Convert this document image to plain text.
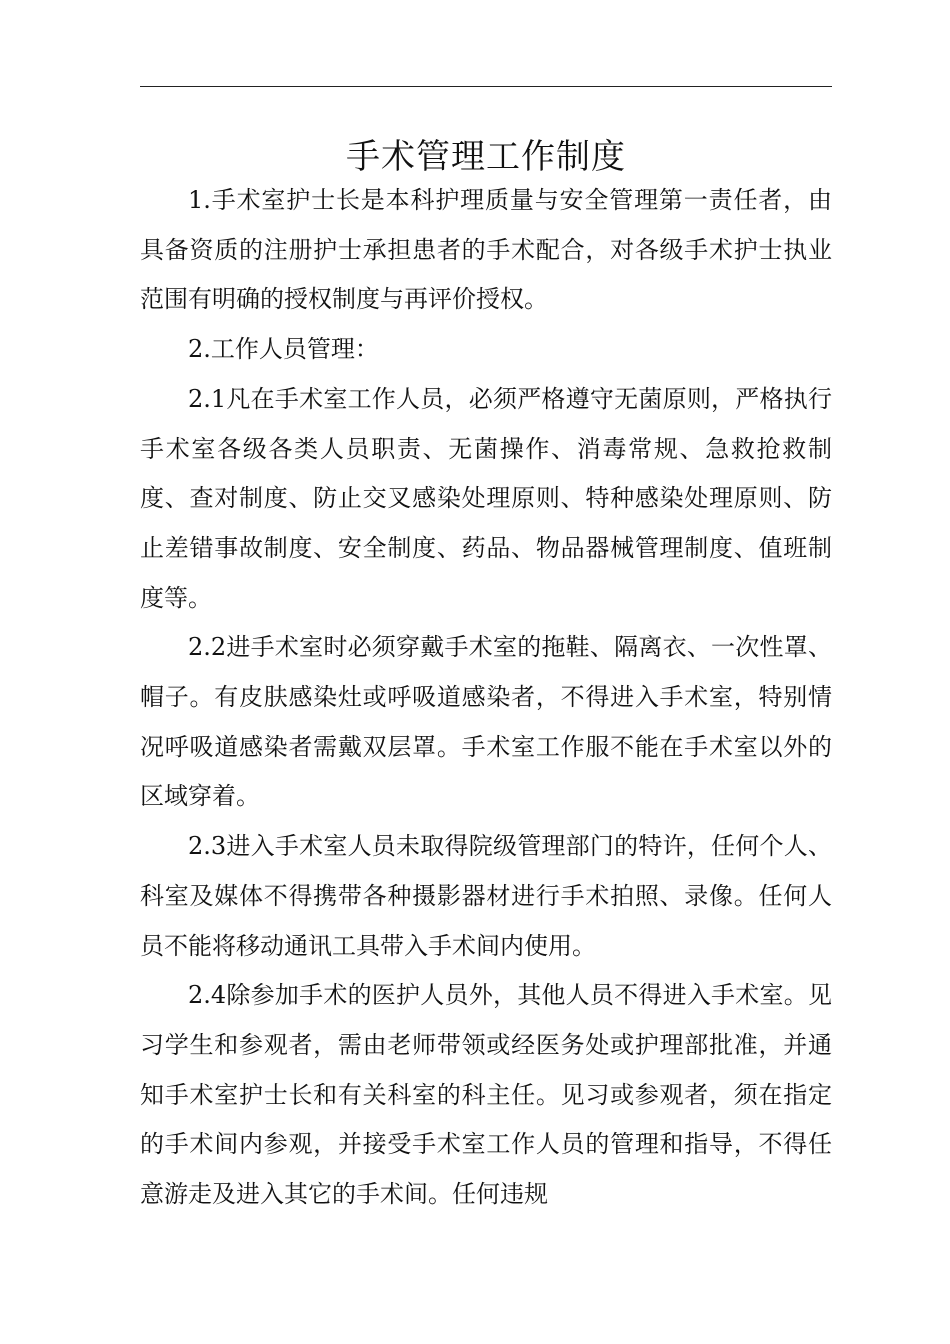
手术管理工作制度

1.手术室护士长是本科护理质量与安全管理第一责任者，由具备资质的注册护士承担患者的手术配合，对各级手术护士执业范围有明确的授权制度与再评价授权。

2.工作人员管理：

2.1凡在手术室工作人员，必须严格遵守无菌原则，严格执行手术室各级各类人员职责、无菌操作、消毒常规、急救抢救制度、查对制度、防止交叉感染处理原则、特种感染处理原则、防止差错事故制度、安全制度、药品、物品器械管理制度、值班制度等。

2.2进手术室时必须穿戴手术室的拖鞋、隔离衣、一次性罩、帽子。有皮肤感染灶或呼吸道感染者，不得进入手术室，特别情况呼吸道感染者需戴双层罩。手术室工作服不能在手术室以外的区域穿着。

2.3进入手术室人员未取得院级管理部门的特许，任何个人、科室及媒体不得携带各种摄影器材进行手术拍照、录像。任何人员不能将移动通讯工具带入手术间内使用。

2.4除参加手术的医护人员外，其他人员不得进入手术室。见习学生和参观者，需由老师带领或经医务处或护理部批准，并通知手术室护士长和有关科室的科主任。见习或参观者，须在指定的手术间内参观，并接受手术室工作人员的管理和指导，不得任意游走及进入其它的手术间。任何违规
